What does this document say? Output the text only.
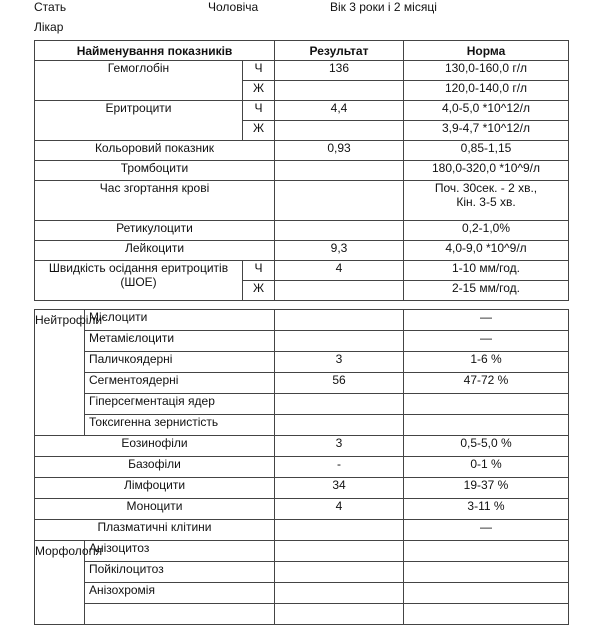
Стать	Чоловіча	Вік 3 роки і 2 місяці
Лікар
Найменування показників		Результат	Норма
Гемоглобін	Ч	136	130,0-160,0 г/л
	Ж		120,0-140,0 г/л
Еритроцити	Ч	4,4	4,0-5,0 *10^12/л
	Ж		3,9-4,7 *10^12/л
Кольоровий показник		0,93	0,85-1,15
Тромбоцити			180,0-320,0 *10^9/л
Час згортання крові			Поч. 30сек. - 2 хв.,
Кін. 3-5 хв.

Ретикулоцити			0,2-1,0%
Лейкоцити		9,3	4,0-9,0 *10^9/л

Швидкість осідання еритроцитів
(ШОЕ)	Ч	4	1-10 мм/год.
	Ж		2-15 мм/год.

Нейтрофіли	Мієлоцити		—
	Метамієлоцити		—
	Паличкоядерні	3	1-6 %
	Сегментоядерні	56	47-72 %
	Гіперсегментація ядер		
	Токсигенна зернистість		
Еозинофіли		3	0,5-5,0 %
Базофіли		-	0-1 %
Лімфоцити		34	19-37 %
Моноцити		4	3-11 %
Плазматичні клітини			—

Морфологія	Анізоцитоз		
	Пойкілоцитоз		
	Анізохромія		
